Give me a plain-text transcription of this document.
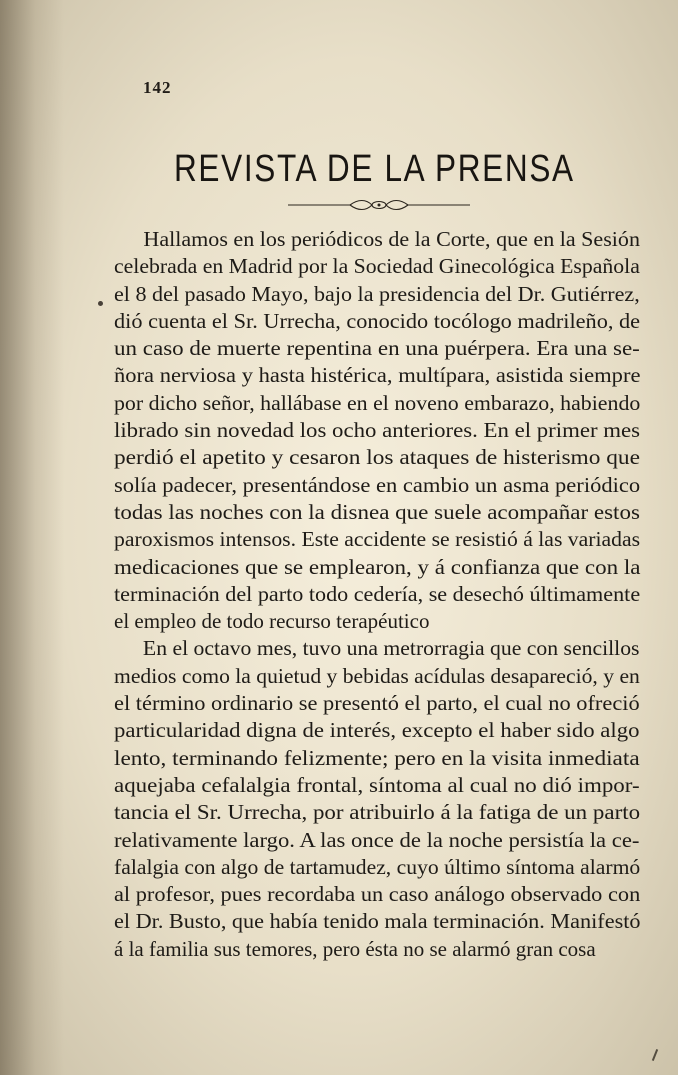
142
REVISTA DE LA PRENSA
Hallamos en los periódicos de la Corte, que en la Sesión
celebrada en Madrid por la Sociedad Ginecológica Española
el 8 del pasado Mayo, bajo la presidencia del Dr. Gutiérrez,
dió cuenta el Sr. Urrecha, conocido tocólogo madrileño, de
un caso de muerte repentina en una puérpera. Era una se-
ñora nerviosa y hasta histérica, multípara, asistida siempre
por dicho señor, hallábase en el noveno embarazo, habiendo
librado sin novedad los ocho anteriores. En el primer mes
perdió el apetito y cesaron los ataques de histerismo que
solía padecer, presentándose en cambio un asma periódico
todas las noches con la disnea que suele acompañar estos
paroxismos intensos. Este accidente se resistió á las variadas
medicaciones que se emplearon, y á confianza que con la
terminación del parto todo cedería, se desechó últimamente
el empleo de todo recurso terapéutico
En el octavo mes, tuvo una metrorragia que con sencillos
medios como la quietud y bebidas acídulas desapareció, y en
el término ordinario se presentó el parto, el cual no ofreció
particularidad digna de interés, excepto el haber sido algo
lento, terminando felizmente; pero en la visita inmediata
aquejaba cefalalgia frontal, síntoma al cual no dió impor-
tancia el Sr. Urrecha, por atribuirlo á la fatiga de un parto
relativamente largo. A las once de la noche persistía la ce-
falalgia con algo de tartamudez, cuyo último síntoma alarmó
al profesor, pues recordaba un caso análogo observado con
el Dr. Busto, que había tenido mala terminación. Manifestó
á la familia sus temores, pero ésta no se alarmó gran cosa
